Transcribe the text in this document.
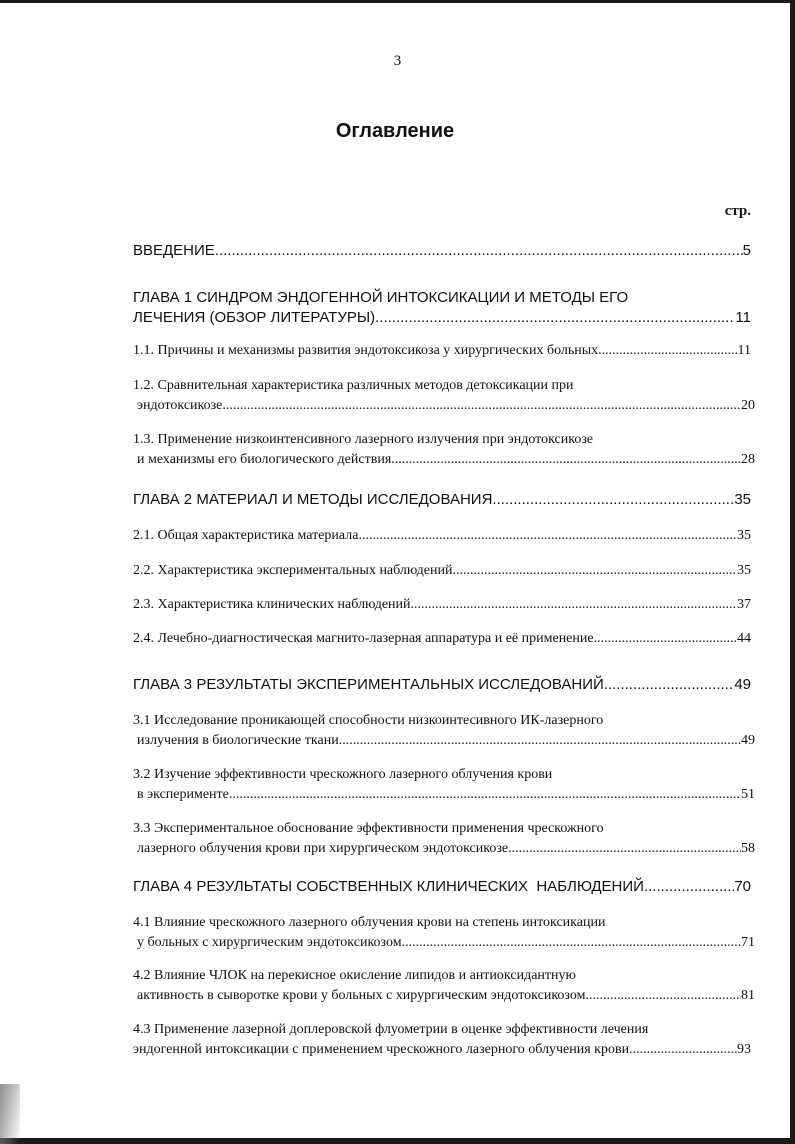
3
Оглавление
стр.
ВВЕДЕНИЕ .....	5
ГЛАВА 1 СИНДРОМ ЭНДОГЕННОЙ ИНТОКСИКАЦИИ И МЕТОДЫ ЕГО
ЛЕЧЕНИЯ (ОБЗОР ЛИТЕРАТУРЫ) .....	11
1.1. Причины и механизмы развития эндотоксикоза у хирургических больных .....	11
1.2. Сравнительная характеристика различных методов детоксикации при
эндотоксикозе. .....	20
1.3. Применение низкоинтенсивного лазерного излучения при эндотоксикозе
и механизмы его биологического действия. .....	28
ГЛАВА 2 МАТЕРИАЛ И МЕТОДЫ ИССЛЕДОВАНИЯ. .....	35
2.1. Общая характеристика материала. .....	35
2.2. Характеристика экспериментальных наблюдений. .....	35
2.3. Характеристика клинических наблюдений .....	37
2.4. Лечебно-диагностическая магнито-лазерная аппаратура и её применение. .....	44
ГЛАВА 3 РЕЗУЛЬТАТЫ ЭКСПЕРИМЕНТАЛЬНЫХ ИССЛЕДОВАНИЙ. .....	49
3.1 Исследование проникающей способности низкоинтесивного ИК-лазерного
излучения в биологические ткани. .....	49
3.2 Изучение эффективности чрескожного лазерного облучения крови
в эксперименте. .....	51
3.3 Экспериментальное обоснование эффективности применения чрескожного
лазерного облучения крови при хирургическом эндотоксикозе. .....	58
ГЛАВА 4 РЕЗУЛЬТАТЫ СОБСТВЕННЫХ КЛИНИЧЕСКИХ  НАБЛЮДЕНИЙ .....	70
4.1 Влияние чрескожного лазерного облучения крови на степень интоксикации
у больных с хирургическим эндотоксикозом. .....	71
4.2 Влияние ЧЛОК на перекисное окисление липидов и антиоксидантную
активность в сыворотке крови у больных с хирургическим эндотоксикозом. .....	81
4.3 Применение лазерной доплеровской флуометрии в оценке эффективности лечения
эндогенной интоксикации с применением чрескожного лазерного облучения крови .....	93
